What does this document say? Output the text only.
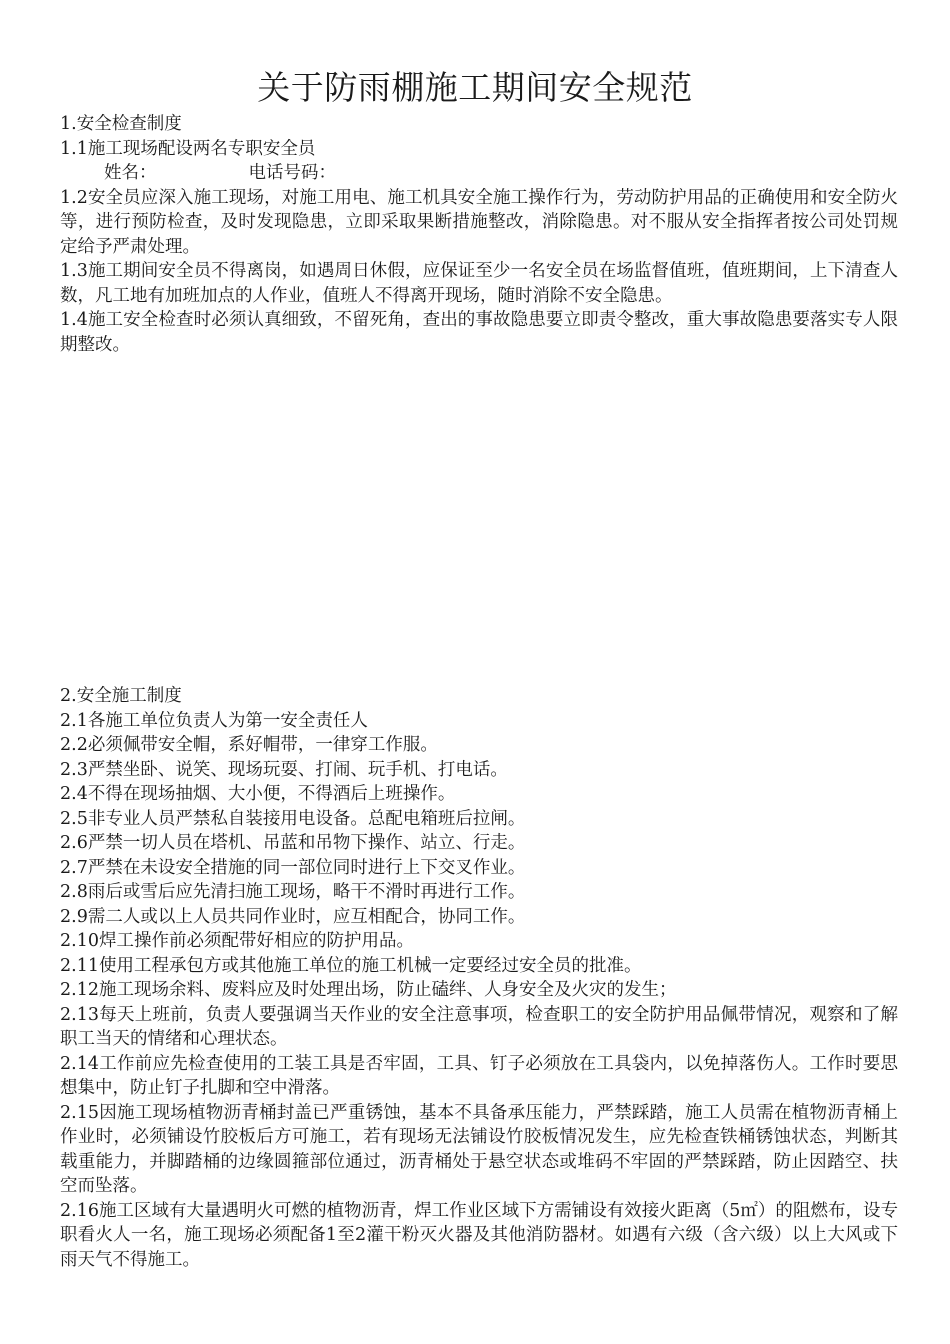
关于防雨棚施工期间安全规范

1.安全检查制度

1.1施工现场配设两名专职安全员

姓名：	电话号码：

1.2安全员应深入施工现场，对施工用电、施工机具安全施工操作行为，劳动防护用品的正确使用和安全防火等，进行预防检查，及时发现隐患，立即采取果断措施整改，消除隐患。对不服从安全指挥者按公司处罚规定给予严肃处理。

1.3施工期间安全员不得离岗，如遇周日休假，应保证至少一名安全员在场监督值班，值班期间，上下清查人数，凡工地有加班加点的人作业，值班人不得离开现场，随时消除不安全隐患。

1.4施工安全检查时必须认真细致，不留死角，查出的事故隐患要立即责令整改，重大事故隐患要落实专人限期整改。

2.安全施工制度

2.1各施工单位负责人为第一安全责任人

2.2必须佩带安全帽，系好帽带，一律穿工作服。

2.3严禁坐卧、说笑、现场玩耍、打闹、玩手机、打电话。

2.4不得在现场抽烟、大小便，不得酒后上班操作。

2.5非专业人员严禁私自装接用电设备。总配电箱班后拉闸。

2.6严禁一切人员在塔机、吊蓝和吊物下操作、站立、行走。

2.7严禁在未设安全措施的同一部位同时进行上下交叉作业。

2.8雨后或雪后应先清扫施工现场，略干不滑时再进行工作。

2.9需二人或以上人员共同作业时，应互相配合，协同工作。

2.10焊工操作前必须配带好相应的防护用品。

2.11使用工程承包方或其他施工单位的施工机械一定要经过安全员的批准。

2.12施工现场余料、废料应及时处理出场，防止磕绊、人身安全及火灾的发生；

2.13每天上班前，负责人要强调当天作业的安全注意事项，检查职工的安全防护用品佩带情况，观察和了解职工当天的情绪和心理状态。

2.14工作前应先检查使用的工装工具是否牢固，工具、钉子必须放在工具袋内，以免掉落伤人。工作时要思想集中，防止钉子扎脚和空中滑落。

2.15因施工现场植物沥青桶封盖已严重锈蚀，基本不具备承压能力，严禁踩踏，施工人员需在植物沥青桶上作业时，必须铺设竹胶板后方可施工，若有现场无法铺设竹胶板情况发生，应先检查铁桶锈蚀状态，判断其载重能力，并脚踏桶的边缘圆箍部位通过，沥青桶处于悬空状态或堆码不牢固的严禁踩踏，防止因踏空、扶空而坠落。

2.16施工区域有大量遇明火可燃的植物沥青，焊工作业区域下方需铺设有效接火距离（5㎡）的阻燃布，设专职看火人一名，施工现场必须配备1至2灌干粉灭火器及其他消防器材。如遇有六级（含六级）以上大风或下雨天气不得施工。
